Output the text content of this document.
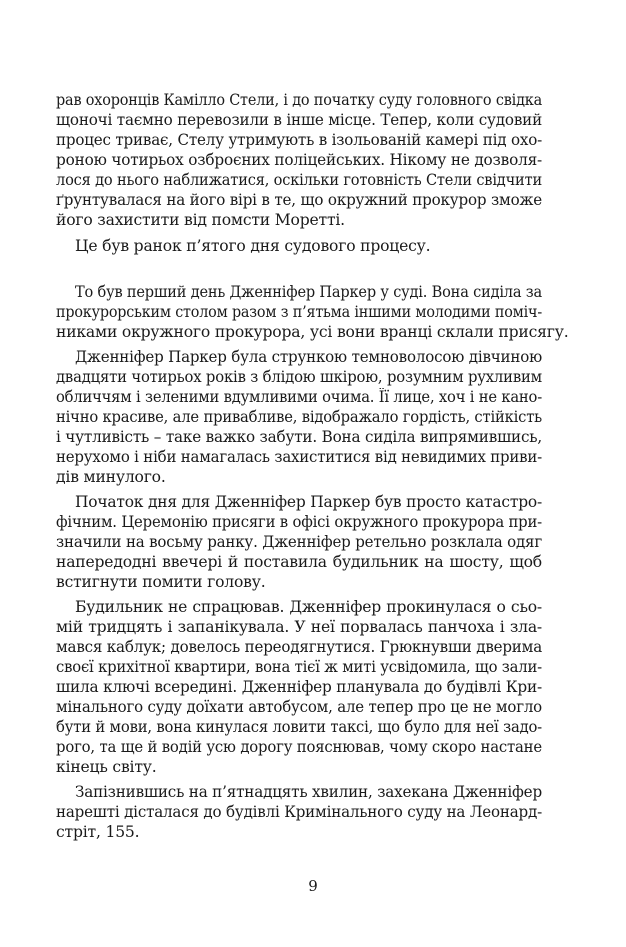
рав охоронців Камілло Стели, і до початку суду головного свідка

щоночі таємно перевозили в інше місце. Тепер, коли судовий

процес триває, Стелу утримують в ізольованій камері під охо-

роною чотирьох озброєних поліцейських. Нікому не дозволя-

лося до нього наближатися, оскільки готовність Стели свідчити

ґрунтувалася на його вірі в те, що окружний прокурор зможе

його захистити від помсти Моретті.

Це був ранок п’ятого дня судового процесу.

То був перший день Дженніфер Паркер у суді. Вона сиділа за

прокурорським столом разом з п’ятьма іншими молодими поміч-

никами окружного прокурора, усі вони вранці склали присягу.

Дженніфер Паркер була стрункою темноволосою дівчиною

двадцяти чотирьох років з блідою шкірою, розумним рухливим

обличчям і зеленими вдумливими очима. Її лице, хоч і не кано-

нічно красиве, але привабливе, відображало гордість, стійкість

і чутливість – таке важко забути. Вона сиділа випрямившись,

нерухомо і ніби намагалась захиститися від невидимих приви-

дів минулого.

Початок дня для Дженніфер Паркер був просто катастро-

фічним. Церемонію присяги в офісі окружного прокурора при-

значили на восьму ранку. Дженніфер ретельно розклала одяг

напередодні ввечері й поставила будильник на шосту, щоб

встигнути помити голову.

Будильник не спрацював. Дженніфер прокинулася о сьо-

мій тридцять і запанікувала. У неї порвалась панчоха і зла-

мався каблук; довелось переодягнутися. Грюкнувши дверима

своєї крихітної квартири, вона тієї ж миті усвідомила, що зали-

шила ключі всередині. Дженніфер планувала до будівлі Кри-

мінального суду доїхати автобусом, але тепер про це не могло

бути й мови, вона кинулася ловити таксі, що було для неї задо-

рого, та ще й водій усю дорогу пояснював, чому скоро настане

кінець світу.

Запізнившись на п’ятнадцять хвилин, захекана Дженніфер

нарешті дісталася до будівлі Кримінального суду на Леонард-

стріт, 155.

9
